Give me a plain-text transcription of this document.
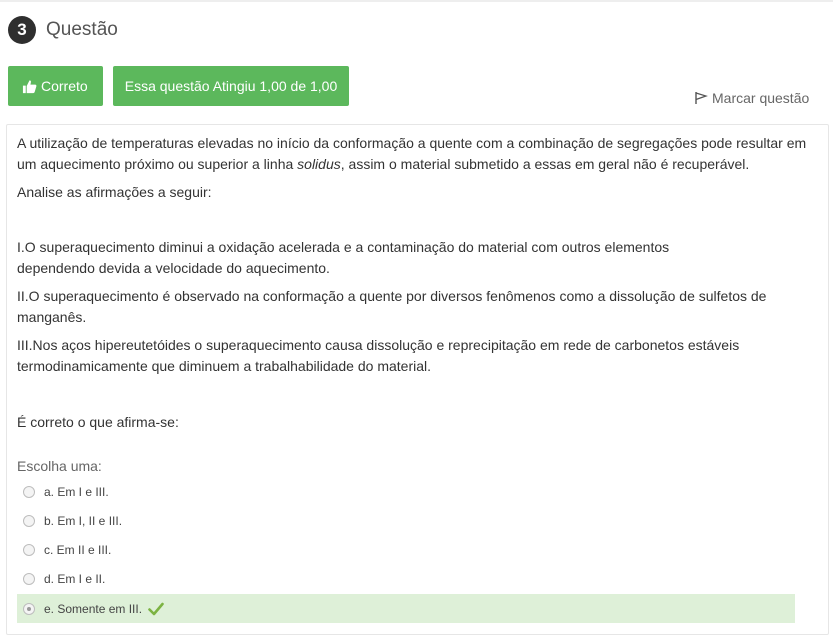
3	Questão
Correto	Essa questão Atingiu 1,00 de 1,00
Marcar questão
A utilização de temperaturas elevadas no início da conformação a quente com a combinação de segregações pode resultar em um aquecimento próximo ou superior a linha solidus, assim o material submetido a essas em geral não é recuperável.
Analise as afirmações a seguir:
I.O superaquecimento diminui a oxidação acelerada e a contaminação do material com outros elementos
dependendo devida a velocidade do aquecimento.
II.O superaquecimento é observado na conformação a quente por diversos fenômenos como a dissolução de sulfetos de manganês.
III.Nos aços hipereutetóides o superaquecimento causa dissolução e reprecipitação em rede de carbonetos estáveis termodinamicamente que diminuem a trabalhabilidade do material.
É correto o que afirma-se:
Escolha uma:
a. Em I e III.
b. Em I, II e III.
c. Em II e III.
d. Em I e II.
e. Somente em III.
